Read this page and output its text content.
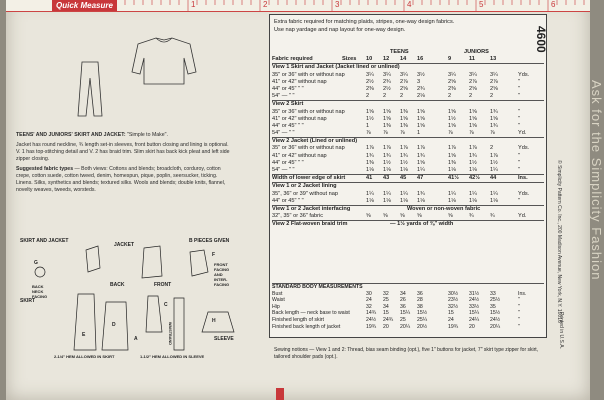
Quick Measure	1	2	3	4	5	6

TEENS' AND JUNIORS' SKIRT AND JACKET: "Simple to Make".

Jacket has round neckline, ¾ length set-in sleeves, front button closing and lining is optional. V. 1 has top-stitching detail and V. 2 has braid trim. Slim skirt has back kick pleat and left side zipper closing.

Suggested fabric types — Both views: Cottons and blends; broadcloth, corduroy, cotton crepe, cotton suede, cotton tweed, denim, homespun, pique, poplin, seersucker, ticking. Linens. Silks, synthetics and blends; textured silks. Wools and blends; double knits, flannel, novelty weaves, tweeds, worsteds.

SKIRT AND JACKET
JACKET
B PIECES GIVEN
G
BACK
NECK
FACING
BACK	FRONT
F
FRONT
FACING
AND
INTER-
FACING
SKIRT
E
D
C
A
H
WAISTBAND	SLEEVE
2-1/4" HEM ALLOWED IN SKIRT	1-1/2" HEM ALLOWED IN SLEEVE
Extra fabric required for matching plaids, stripes, one-way design fabrics.
Use nap yardage and nap layout for one-way design.
TEENS	JUNIORS
Fabric required	Sizes 10 12 14 16	9	11	13
View 1 Skirt and Jacket (Jacket lined or unlined)
35" or 36" with or without nap	3¼ 3¼ 3¼ 3½	3¼ 3¼ 3¼	Yds.
41" or 42" without nap	2½ 2¾ 2⅞ 3	2⅝ 2⅞ 2⅞	"
44" or 45" " "	2⅜ 2½ 2⅝ 2¾	2⅜ 2⅝ 2⅝	"
54" — " "	2 2 2 2⅛	2	2	2	"
View 2 Skirt
35" or 36" with or without nap	1⅝ 1⅝ 1⅜ 1⅝	1⅝ 1⅝ 1¾	"
41" or 42" without nap	1½ 1⅝ 1⅝ 1⅝	1½ 1⅝ 1⅝	"
44" or 45" " "	1 1⅜ 1⅜ 1⅝	1⅝ 1⅝ 1¾	"
54" — " "	⅞ ⅞ ⅞ 1	⅞	⅞	⅞	Yd.
View 2 Jacket (Lined or unlined)
35" or 36" with or without nap	1⅞ 1⅞ 1⅞ 1⅞	1⅞ 1⅞ 2	Yds.
41" or 42" without nap	1¾ 1¾ 1¾ 1¾	1⅝ 1¾ 1⅞	"
44" or 45" " "	1⅜ 1½ 1½ 1⅝	1⅜ 1½ 1½	"
54" — " "	1⅛ 1⅛ 1⅛ 1¼	1⅛ 1⅛ 1¼	"
Width of lower edge of skirt	41 43 45 47	41½ 42½ 44	Ins.
View 1 or 2 Jacket lining
35", 36" or 39" without nap	1¼ 1¼ 1¼ 1¾	1¼ 1¼ 1¼	Yds.
44" or 45" " "	1⅛ 1⅛ 1⅛ 1⅛	1⅛ 1⅛ 1⅛	"
View 1 or 2 Jacket interfacing	Woven or non-woven fabric
32", 35" or 36" fabric	⅝ ⅝ ⅝ ⅝	⅝	¾	¾	Yd.
View 2 Flat-woven braid trim	— 1½ yards of ⅜" width
STANDARD BODY MEASUREMENTS
Bust	30 32 34 36	30½ 31½ 33	Ins.
Waist	24 25 26 28	23½ 24½ 25½	"
Hip	32 34 36 38	32½ 33½ 35	"
Back length — neck base to waist	14¾ 15 15¼ 15½	15	15¼ 15½	"
Finished length of skirt	24½ 24¾ 25 25¼	24	24¼ 24½	"
Finished back length of jacket	19¾ 20 20¼ 20½	19¾ 20	20¼	"
Sewing notions — View 1 and 2: Thread, bias seam binding (opt.), five 1" buttons for jacket, 7" skirt type zipper for skirt, tailored shoulder pads (opt.).
4600
© Simplicity Pattern Co. Inc., 200 Madison Avenue, New York, N.Y. 10016
Printed in U.S.A.
Ask for the Simplicity Fashion
